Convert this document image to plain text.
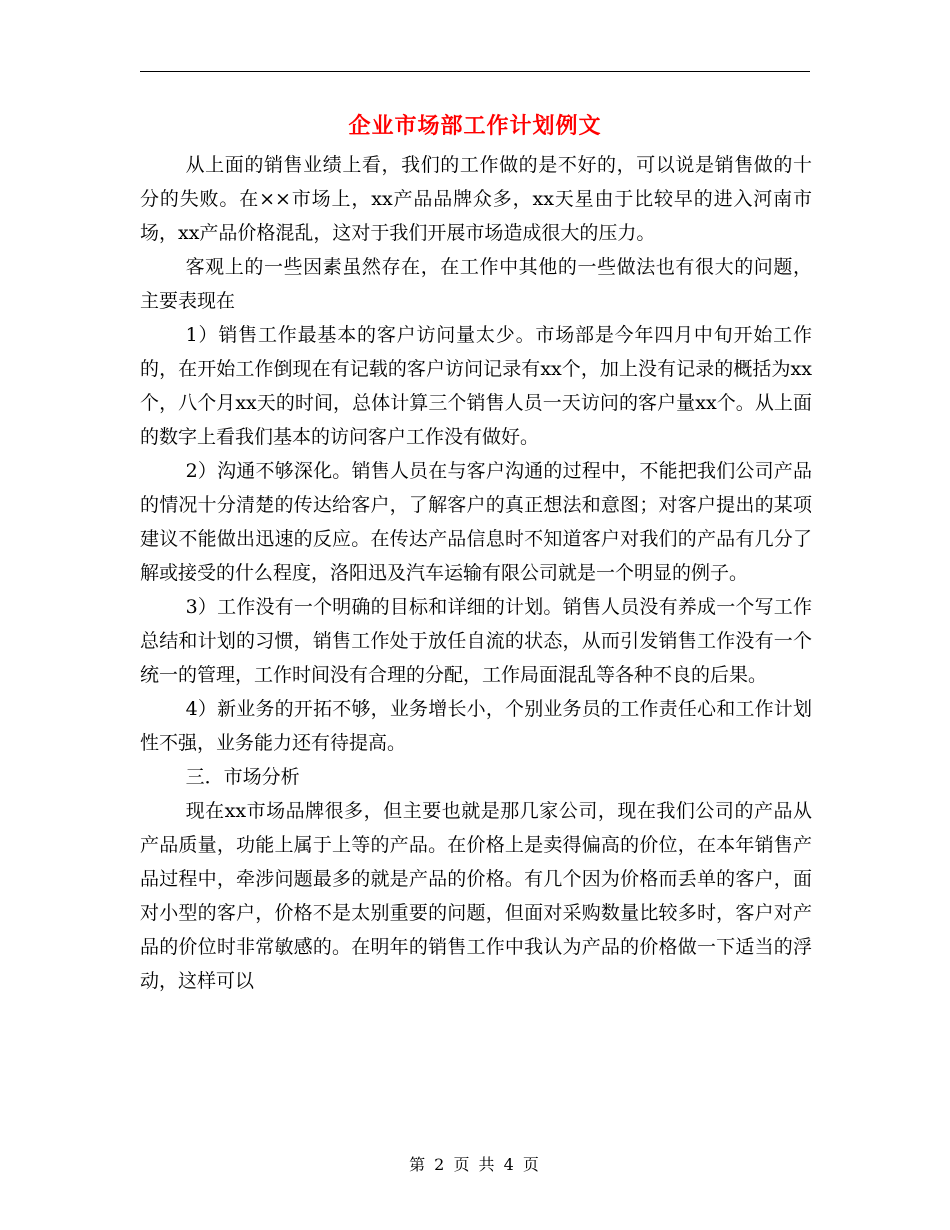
企业市场部工作计划例文

从上面的销售业绩上看，我们的工作做的是不好的，可以说是销售做的十分的失败。在××市场上，xx产品品牌众多，xx天星由于比较早的进入河南市场，xx产品价格混乱，这对于我们开展市场造成很大的压力。

客观上的一些因素虽然存在，在工作中其他的一些做法也有很大的问题，主要表现在

1）销售工作最基本的客户访问量太少。市场部是今年四月中旬开始工作的，在开始工作倒现在有记载的客户访问记录有xx个，加上没有记录的概括为xx个，八个月xx天的时间，总体计算三个销售人员一天访问的客户量xx个。从上面的数字上看我们基本的访问客户工作没有做好。

2）沟通不够深化。销售人员在与客户沟通的过程中，不能把我们公司产品的情况十分清楚的传达给客户，了解客户的真正想法和意图；对客户提出的某项建议不能做出迅速的反应。在传达产品信息时不知道客户对我们的产品有几分了解或接受的什么程度，洛阳迅及汽车运输有限公司就是一个明显的例子。

3）工作没有一个明确的目标和详细的计划。销售人员没有养成一个写工作总结和计划的习惯，销售工作处于放任自流的状态，从而引发销售工作没有一个统一的管理，工作时间没有合理的分配，工作局面混乱等各种不良的后果。

4）新业务的开拓不够，业务增长小，个别业务员的工作责任心和工作计划性不强，业务能力还有待提高。

三．市场分析

现在xx市场品牌很多，但主要也就是那几家公司，现在我们公司的产品从产品质量，功能上属于上等的产品。在价格上是卖得偏高的价位，在本年销售产品过程中，牵涉问题最多的就是产品的价格。有几个因为价格而丢单的客户，面对小型的客户，价格不是太别重要的问题，但面对采购数量比较多时，客户对产品的价位时非常敏感的。在明年的销售工作中我认为产品的价格做一下适当的浮动，这样可以

第 2 页 共 4 页
